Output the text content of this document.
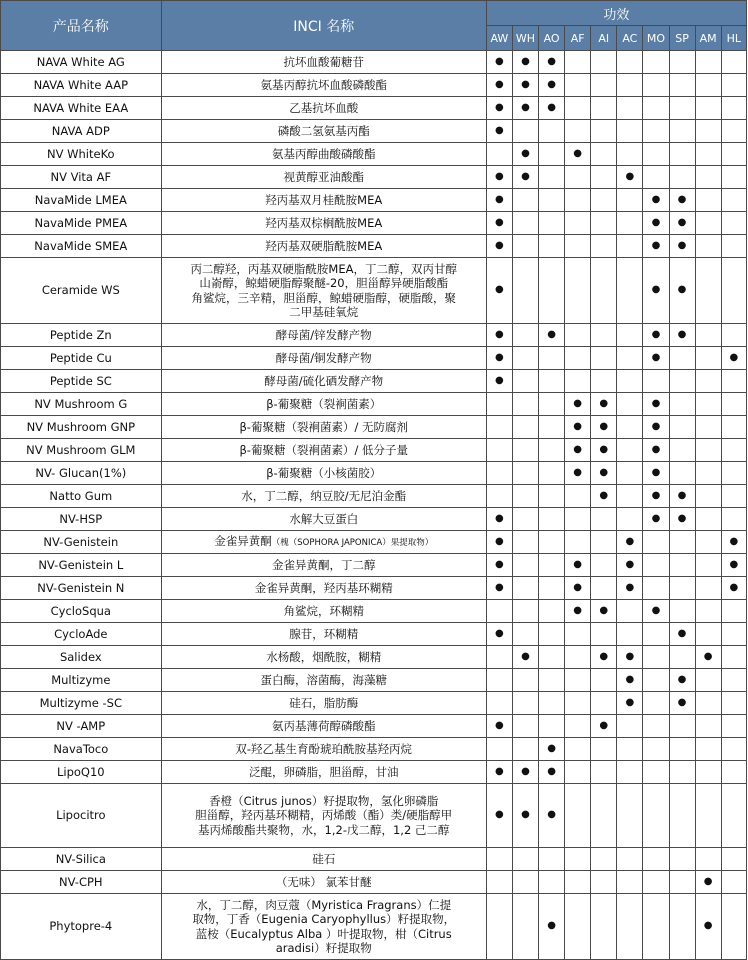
产品名称	INCI 名称	功效									
		AW	WH	AO	AF	AI	AC	MO	SP	AM	HL
NAVA White AG	抗坏血酸葡糖苷	●	●	●							
NAVA White AAP	氨基丙醇抗坏血酸磷酸酯	●	●	●							
NAVA White EAA	乙基抗坏血酸	●	●	●							
NAVA ADP	磷酸二氢氨基丙酯	●									
NV WhiteKo	氨基丙醇曲酸磷酸酯		●		●						
NV Vita AF	视黄醇亚油酸酯	●	●				●				
NavaMide LMEA	羟丙基双月桂酰胺MEA	●						●	●		
NavaMide PMEA	羟丙基双棕榈酰胺MEA	●						●	●		
NavaMide SMEA	羟丙基双硬脂酰胺MEA	●						●	●		
Ceramide WS	丙二醇羟，丙基双硬脂酰胺MEA，丁二醇，双丙甘醇
山嵛醇，鲸蜡硬脂醇聚醚-20，胆甾醇异硬脂酸酯
角鲨烷，三辛精，胆甾醇，鲸蜡硬脂醇，硬脂酸，聚
二甲基硅氧烷	●						●	●		
Peptide Zn	酵母菌/锌发酵产物	●		●				●	●		
Peptide Cu	酵母菌/铜发酵产物	●						●			●
Peptide SC	酵母菌/硫化硒发酵产物	●									
NV Mushroom G	β-葡聚糖（裂裥菌素）				●	●		●			
NV Mushroom GNP	β-葡聚糖（裂裥菌素）/ 无防腐剂				●	●		●			
NV Mushroom GLM	β-葡聚糖（裂裥菌素）/ 低分子量				●	●		●			
NV- Glucan(1%)	β-葡聚糖（小核菌胶）				●	●		●			
Natto Gum	水，丁二醇，纳豆胶/无尼泊金酯					●		●	●		
NV-HSP	水解大豆蛋白	●						●	●		
NV-Genistein	金雀异黄酮（槐（SOPHORA JAPONICA）果提取物）	●					●				●
NV-Genistein L	金雀异黄酮，丁二醇	●			●		●				●
NV-Genistein N	金雀异黄酮，羟丙基环糊精	●			●		●				●
CycloSqua	角鲨烷，环糊精				●	●		●			
CycloAde	腺苷，环糊精	●							●		
Salidex	水杨酸，烟酰胺，糊精		●			●	●			●	
Multizyme	蛋白酶，溶菌酶，海藻糖						●		●		
Multizyme -SC	硅石，脂肪酶						●		●		
NV -AMP	氨丙基薄荷醇磷酸酯	●				●					
NavaToco	双-羟乙基生育酚琥珀酰胺基羟丙烷			●							
LipoQ10	泛醌，卵磷脂，胆甾醇，甘油	●	●	●							
Lipocitro	香橙（Citrus junos）籽提取物，氢化卵磷脂
胆甾醇，羟丙基环糊精，丙烯酸（酯）类/硬脂醇甲
基丙烯酸酯共聚物，水，1,2-戊二醇，1,2 己二醇	●	●	●							
NV-Silica	硅石										
NV-CPH	（无味） 氯苯甘醚									●	
Phytopre-4	水，丁二醇，肉豆蔻（Myristica Fragrans）仁提
取物，丁香（Eugenia Caryophyllus）籽提取物，
蓝桉（Eucalyptus Alba ）叶提取物，柑（Citrus
aradisi）籽提取物			●						●	
